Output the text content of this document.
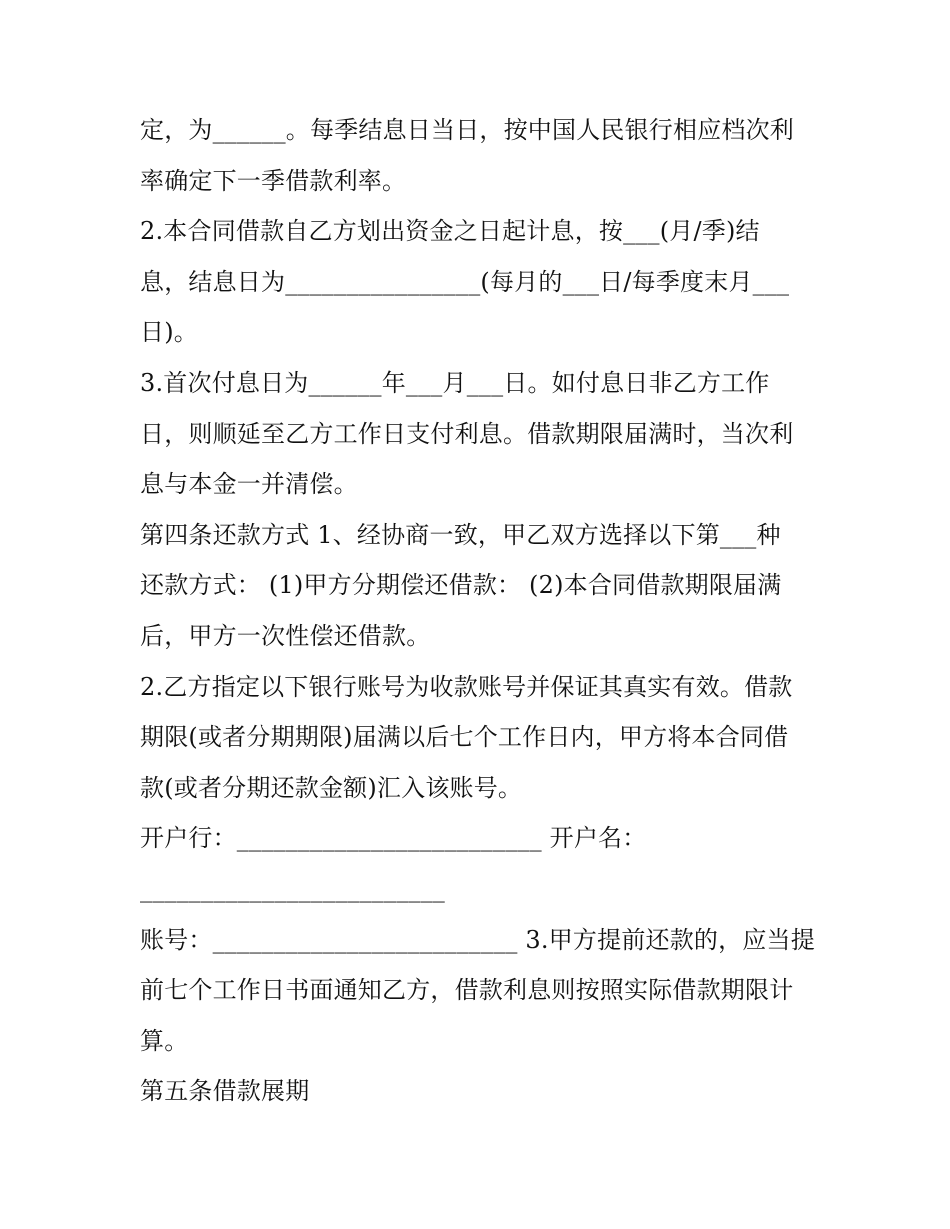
定，为______。每季结息日当日，按中国人民银行相应档次利
率确定下一季借款利率。
2.本合同借款自乙方划出资金之日起计息，按___(月/季)结
息，结息日为________________(每月的___日/每季度末月___
日)。
3.首次付息日为______年___月___日。如付息日非乙方工作
日，则顺延至乙方工作日支付利息。借款期限届满时，当次利
息与本金一并清偿。
第四条还款方式 1、经协商一致，甲乙双方选择以下第___种
还款方式： (1)甲方分期偿还借款： (2)本合同借款期限届满
后，甲方一次性偿还借款。
2.乙方指定以下银行账号为收款账号并保证其真实有效。借款
期限(或者分期期限)届满以后七个工作日内，甲方将本合同借
款(或者分期还款金额)汇入该账号。
开户行：_________________________ 开户名：
_________________________
账号：_________________________ 3.甲方提前还款的，应当提
前七个工作日书面通知乙方，借款利息则按照实际借款期限计
算。
第五条借款展期
